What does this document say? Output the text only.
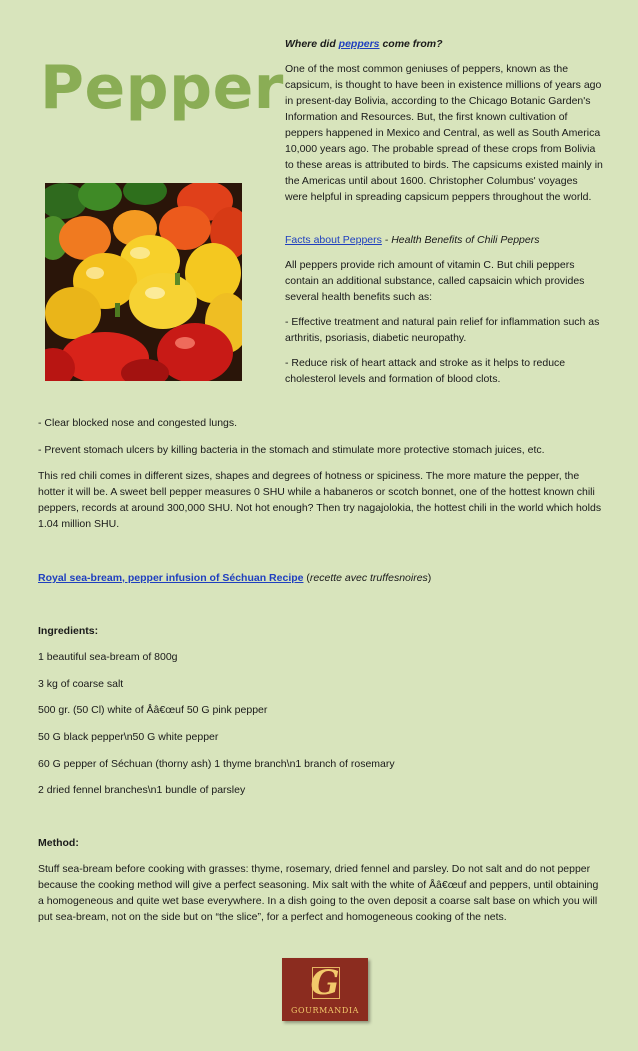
Pepper

Where did peppers come from?

One of the most common geniuses of peppers, known as the capsicum, is thought to have been in existence millions of years ago in present-day Bolivia, according to the Chicago Botanic Garden's Information and Resources. But, the first known cultivation of peppers happened in Mexico and Central, as well as South America 10,000 years ago. The probable spread of these crops from Bolivia to these areas is attributed to birds. The capsicums existed mainly in the Americas until about 1600. Christopher Columbus' voyages were helpful in spreading capsicum peppers throughout the world.

Facts about Peppers - Health Benefits of Chili Peppers

All peppers provide rich amount of vitamin C. But chili peppers contain an additional substance, called capsaicin which provides several health benefits such as:

- Effective treatment and natural pain relief for inflammation such as arthritis, psoriasis, diabetic neuropathy.

- Reduce risk of heart attack and stroke as it helps to reduce cholesterol levels and formation of blood clots.

- Clear blocked nose and congested lungs.
- Prevent stomach ulcers by killing bacteria in the stomach and stimulate more protective stomach juices, etc.
This red chili comes in different sizes, shapes and degrees of hotness or spiciness. The more mature the pepper, the hotter it will be. A sweet bell pepper measures 0 SHU while a habaneros or scotch bonnet, one of the hottest known chili peppers, records at around 300,000 SHU. Not hot enough? Then try nagajolokia, the hottest chili in the world which holds 1.04 million SHU.
Royal sea-bream, pepper infusion of Séchuan Recipe (recette avec truffesnoires)
Ingredients:
1 beautiful sea-bream of 800g
3 kg of coarse salt
500 gr. (50 Cl) white of Åâ€œuf 50 G pink pepper
50 G black pepper\n50 G white pepper
60 G pepper of Séchuan (thorny ash) 1 thyme branch\n1 branch of rosemary
2 dried fennel branches\n1 bundle of parsley
Method:
Stuff sea-bream before cooking with grasses: thyme, rosemary, dried fennel and parsley. Do not salt and do not pepper because the cooking method will give a perfect seasoning. Mix salt with the white of Åâ€œuf and peppers, until obtaining a homogeneous and quite wet base everywhere. In a dish going to the oven deposit a coarse salt base on which you will put sea-bream, not on the side but on “the slice”, for a perfect and homogeneous cooking of the nets.
G
GOURMANDIA
